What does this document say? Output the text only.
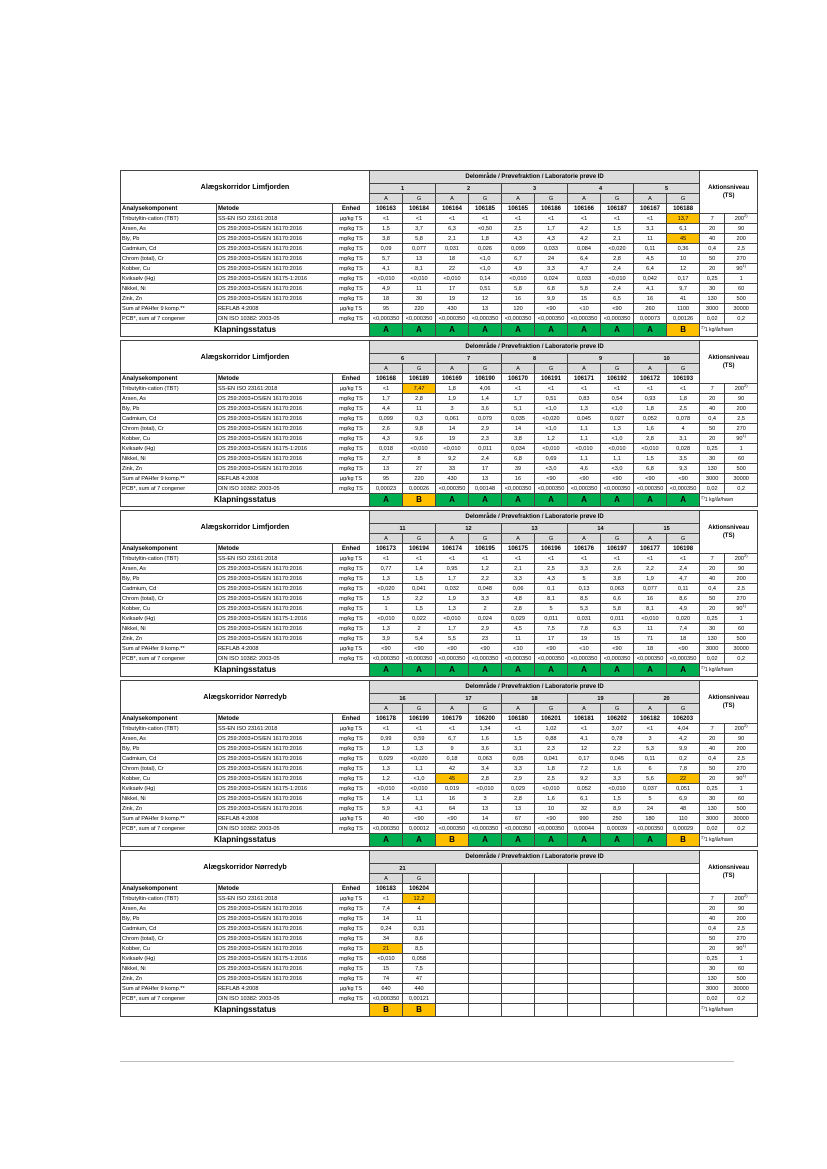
Alægskorridor Limfjorden			Delområde / Prøvefraktion / Laboratorie prøve ID										Aktionsniveau
(TS)	
			1		2		3		4		5			
			A	G	A	G	A	G	A	G	A	G		
Analysekomponent	Metode	Enhed	106163	106184	106164	106185	106165	106186	106166	106187	106167	106188		
Tributyltin-cation (TBT)	SS-EN ISO 23161:2018	µg/kg TS	<1	<1	<1	<1	<1	<1	<1	<1	<1	13,7	7	200$^{2)}$
Arsen, As	DS 259:2003+DS/EN 16170:2016	mg/kg TS	1,5	3,7	6,3	<0,50	2,5	1,7	4,2	1,5	3,1	6,1	20	90
Bly, Pb	DS 259:2003+DS/EN 16170:2016	mg/kg TS	3,8	5,8	2,1	1,8	4,3	4,3	4,2	2,1	11	45	40	200
Cadmium, Cd	DS 259:2003+DS/EN 16170:2016	mg/kg TS	0,09	0,077	0,031	0,026	0,099	0,033	0,084	<0,020	0,11	0,36	0,4	2,5
Chrom (total), Cr	DS 259:2003+DS/EN 16170:2016	mg/kg TS	5,7	13	18	<1,0	6,7	24	6,4	2,8	4,5	10	50	270
Kobber, Cu	DS 259:2003+DS/EN 16170:2016	mg/kg TS	4,1	8,1	22	<1,0	4,9	3,3	4,7	2,4	6,4	12	20	90$^{1)}$
Kviksølv (Hg)	DS 259:2003+DS/EN 16175-1:2016	mg/kg TS	<0,010	<0,010	<0,010	0,14	<0,010	0,024	0,033	<0,010	0,042	0,17	0,25	1
Nikkel, Ni	DS 259:2003+DS/EN 16170:2016	mg/kg TS	4,9	11	17	0,51	5,8	6,8	5,8	2,4	4,1	9,7	30	60
Zink, Zn	DS 259:2003+DS/EN 16170:2016	mg/kg TS	18	30	19	12	16	9,9	15	6,5	16	41	130	500
Sum af PAHfer 9 komp.**	REFLAB 4:2008	µg/kg TS	95	220	430	13	120	<90	<10	<90	260	1100	3000	30000
PCB*, sum af 7 congener	DIN ISO 10382: 2003-05	mg/kg TS	<0,000350	<0,000350	<0,000350	<0,000350	<0,000350	<0,000350	<0,000350	<0,000350	0,00073	0,00126	0,02	0,2
Klapningsstatus			A	A	A	A	A	A	A	A	A	B	$^{2)}$1 kg/år/havn	
Alægskorridor Limfjorden			Delområde / Prøvefraktion / Laboratorie prøve ID										Aktionsniveau
(TS)	
			6		7		8		9		10			
			A	G	A	G	A	G	A	G	A	G		
Analysekomponent	Metode	Enhed	106168	106189	106169	106190	106170	106191	106171	106192	106172	106193		
Tributyltin-cation (TBT)	SS-EN ISO 23161:2018	µg/kg TS	<1	7,47	1,8	4,06	<1	<1	<1	<1	<1	<1	7	200$^{2)}$
Arsen, As	DS 259:2003+DS/EN 16170:2016	mg/kg TS	1,7	2,8	1,9	1,4	1,7	0,51	0,83	0,54	0,93	1,8	20	90
Bly, Pb	DS 259:2003+DS/EN 16170:2016	mg/kg TS	4,4	11	3	3,6	5,1	<1,0	1,3	<1,0	1,8	2,5	40	200
Cadmium, Cd	DS 259:2003+DS/EN 16170:2016	mg/kg TS	0,099	0,3	0,061	0,079	0,035	<0,020	0,045	0,027	0,052	0,078	0,4	2,5
Chrom (total), Cr	DS 259:2003+DS/EN 16170:2016	mg/kg TS	2,6	9,8	14	2,9	14	<1,0	1,1	1,3	1,6	4	50	270
Kobber, Cu	DS 259:2003+DS/EN 16170:2016	mg/kg TS	4,3	9,6	19	2,3	3,8	1,2	1,1	<1,0	2,8	3,1	20	90$^{1)}$
Kviksølv (Hg)	DS 259:2003+DS/EN 16175-1:2016	mg/kg TS	0,018	<0,010	<0,010	0,011	0,034	<0,010	<0,010	<0,010	<0,010	0,028	0,25	1
Nikkel, Ni	DS 259:2003+DS/EN 16170:2016	mg/kg TS	2,7	8	9,2	2,4	6,8	0,69	1,1	1,1	1,5	3,5	30	60
Zink, Zn	DS 259:2003+DS/EN 16170:2016	mg/kg TS	13	27	33	17	39	<3,0	4,6	<3,0	6,8	9,3	130	500
Sum af PAHfer 9 komp.**	REFLAB 4:2008	µg/kg TS	95	220	430	13	16	<90	<90	<90	<90	<90	3000	30000
PCB*, sum af 7 congener	DIN ISO 10382: 2003-05	mg/kg TS	0,00023	0,00026	<0,000350	0,00148	<0,000350	<0,000350	<0,000350	<0,000350	<0,000350	<0,000350	0,02	0,2
Klapningsstatus			A	B	A	A	A	A	A	A	A	A	$^{2)}$1 kg/år/havn	
Alægskorridor Limfjorden			Delområde / Prøvefraktion / Laboratorie prøve ID										Aktionsniveau
(TS)	
			11		12		13		14		15			
			A	G	A	G	A	G	A	G	A	G		
Analysekomponent	Metode	Enhed	106173	106194	106174	106195	106175	106196	106176	106197	106177	106198		
Tributyltin-cation (TBT)	SS-EN ISO 23161:2018	µg/kg TS	<1	<1	<1	<1	<1	<1	<1	<1	<1	<1	7	200$^{2)}$
Arsen, As	DS 259:2003+DS/EN 16170:2016	mg/kg TS	0,77	1,4	0,95	1,2	2,1	2,5	3,3	2,6	2,2	2,4	20	90
Bly, Pb	DS 259:2003+DS/EN 16170:2016	mg/kg TS	1,3	1,5	1,7	2,2	3,3	4,3	5	3,8	1,9	4,7	40	200
Cadmium, Cd	DS 259:2003+DS/EN 16170:2016	mg/kg TS	<0,020	0,041	0,032	0,048	0,06	0,1	0,13	0,063	0,077	0,11	0,4	2,5
Chrom (total), Cr	DS 259:2003+DS/EN 16170:2016	mg/kg TS	1,5	2,2	1,9	3,3	4,8	8,1	8,5	6,6	16	8,6	50	270
Kobber, Cu	DS 259:2003+DS/EN 16170:2016	mg/kg TS	1	1,5	1,3	2	2,8	5	5,3	5,8	8,1	4,9	20	90$^{1)}$
Kviksølv (Hg)	DS 259:2003+DS/EN 16175-1:2016	mg/kg TS	<0,010	0,022	<0,010	0,024	0,029	0,011	0,031	0,011	<0,010	0,020	0,25	1
Nikkel, Ni	DS 259:2003+DS/EN 16170:2016	mg/kg TS	1,3	2	1,7	2,9	4,5	7,5	7,8	6,3	11	7,4	30	60
Zink, Zn	DS 259:2003+DS/EN 16170:2016	mg/kg TS	3,9	5,4	5,5	23	11	17	19	15	71	18	130	500
Sum af PAHfer 9 komp.**	REFLAB 4:2008	µg/kg TS	<90	<90	<90	<90	<10	<90	<10	<90	18	<90	3000	30000
PCB*, sum af 7 congener	DIN ISO 10382: 2003-05	mg/kg TS	<0,000350	<0,000350	<0,000350	<0,000350	<0,000350	<0,000350	<0,000350	<0,000350	<0,000350	<0,000350	0,02	0,2
Klapningsstatus			A	A	A	A	A	A	A	A	A	A	$^{2)}$1 kg/år/havn	
Alægskorridor Nørredyb			Delområde / Prøvefraktion / Laboratorie prøve ID										Aktionsniveau
(TS)	
			16		17		18		19		20			
			A	G	A	G	A	G	A	G	A	G		
Analysekomponent	Metode	Enhed	106178	106199	106179	106200	106180	106201	106181	106202	106182	106203		
Tributyltin-cation (TBT)	SS-EN ISO 23161:2018	µg/kg TS	<1	<1	<1	1,34	<1	1,02	<1	3,07	<1	4,04	7	200$^{2)}$
Arsen, As	DS 259:2003+DS/EN 16170:2016	mg/kg TS	0,99	0,59	6,7	1,6	1,5	0,88	4,1	0,78	3	4,2	20	90
Bly, Pb	DS 259:2003+DS/EN 16170:2016	mg/kg TS	1,9	1,3	9	3,6	3,1	2,3	12	2,2	5,3	9,9	40	200
Cadmium, Cd	DS 259:2003+DS/EN 16170:2016	mg/kg TS	0,029	<0,020	0,18	0,063	0,05	0,041	0,17	0,045	0,11	0,2	0,4	2,5
Chrom (total), Cr	DS 259:2003+DS/EN 16170:2016	mg/kg TS	1,3	1,1	42	3,4	3,3	1,8	7,2	1,6	6	7,8	50	270
Kobber, Cu	DS 259:2003+DS/EN 16170:2016	mg/kg TS	1,2	<1,0	45	2,8	2,9	2,5	9,2	3,3	5,6	22	20	90$^{1)}$
Kviksølv (Hg)	DS 259:2003+DS/EN 16175-1:2016	mg/kg TS	<0,010	<0,010	0,019	<0,010	0,029	<0,010	0,052	<0,010	0,037	0,051	0,25	1
Nikkel, Ni	DS 259:2003+DS/EN 16170:2016	mg/kg TS	1,4	1,1	16	3	2,8	1,6	6,1	1,5	5	6,9	30	60
Zink, Zn	DS 259:2003+DS/EN 16170:2016	mg/kg TS	5,9	4,1	64	13	13	10	32	8,9	24	48	130	500
Sum af PAHfer 9 komp.**	REFLAB 4:2008	µg/kg TS	40	<90	<90	14	67	<90	990	250	180	110	3000	30000
PCB*, sum af 7 congener	DIN ISO 10382: 2003-05	mg/kg TS	<0,000350	0,00012	<0,000350	<0,000350	<0,000350	<0,000350	0,00044	0,00039	<0,000350	0,00029	0,02	0,2
Klapningsstatus			A	A	B	A	A	A	A	A	A	B	$^{2)}$1 kg/år/havn	
Alægskorridor Nørredyb			Delområde / Prøvefraktion / Laboratorie prøve ID										Aktionsniveau
(TS)	
			21											
			A	G										
Analysekomponent	Metode	Enhed	106183	106204										
Tributyltin-cation (TBT)	SS-EN ISO 23161:2018	µg/kg TS	<1	12,2									7	200$^{2)}$
Arsen, As	DS 259:2003+DS/EN 16170:2016	mg/kg TS	7,4	4									20	90
Bly, Pb	DS 259:2003+DS/EN 16170:2016	mg/kg TS	14	11									40	200
Cadmium, Cd	DS 259:2003+DS/EN 16170:2016	mg/kg TS	0,24	0,31									0,4	2,5
Chrom (total), Cr	DS 259:2003+DS/EN 16170:2016	mg/kg TS	34	8,6									50	270
Kobber, Cu	DS 259:2003+DS/EN 16170:2016	mg/kg TS	21	8,5									20	90$^{1)}$
Kviksølv (Hg)	DS 259:2003+DS/EN 16175-1:2016	mg/kg TS	<0,010	0,058									0,25	1
Nikkel, Ni	DS 259:2003+DS/EN 16170:2016	mg/kg TS	15	7,5									30	60
Zink, Zn	DS 259:2003+DS/EN 16170:2016	mg/kg TS	74	47									130	500
Sum af PAHfer 9 komp.**	REFLAB 4:2008	µg/kg TS	640	440									3000	30000
PCB*, sum af 7 congener	DIN ISO 10382: 2003-05	mg/kg TS	<0,000350	0,00121									0,02	0,2
Klapningsstatus			B	B									$^{2)}$1 kg/år/havn	
